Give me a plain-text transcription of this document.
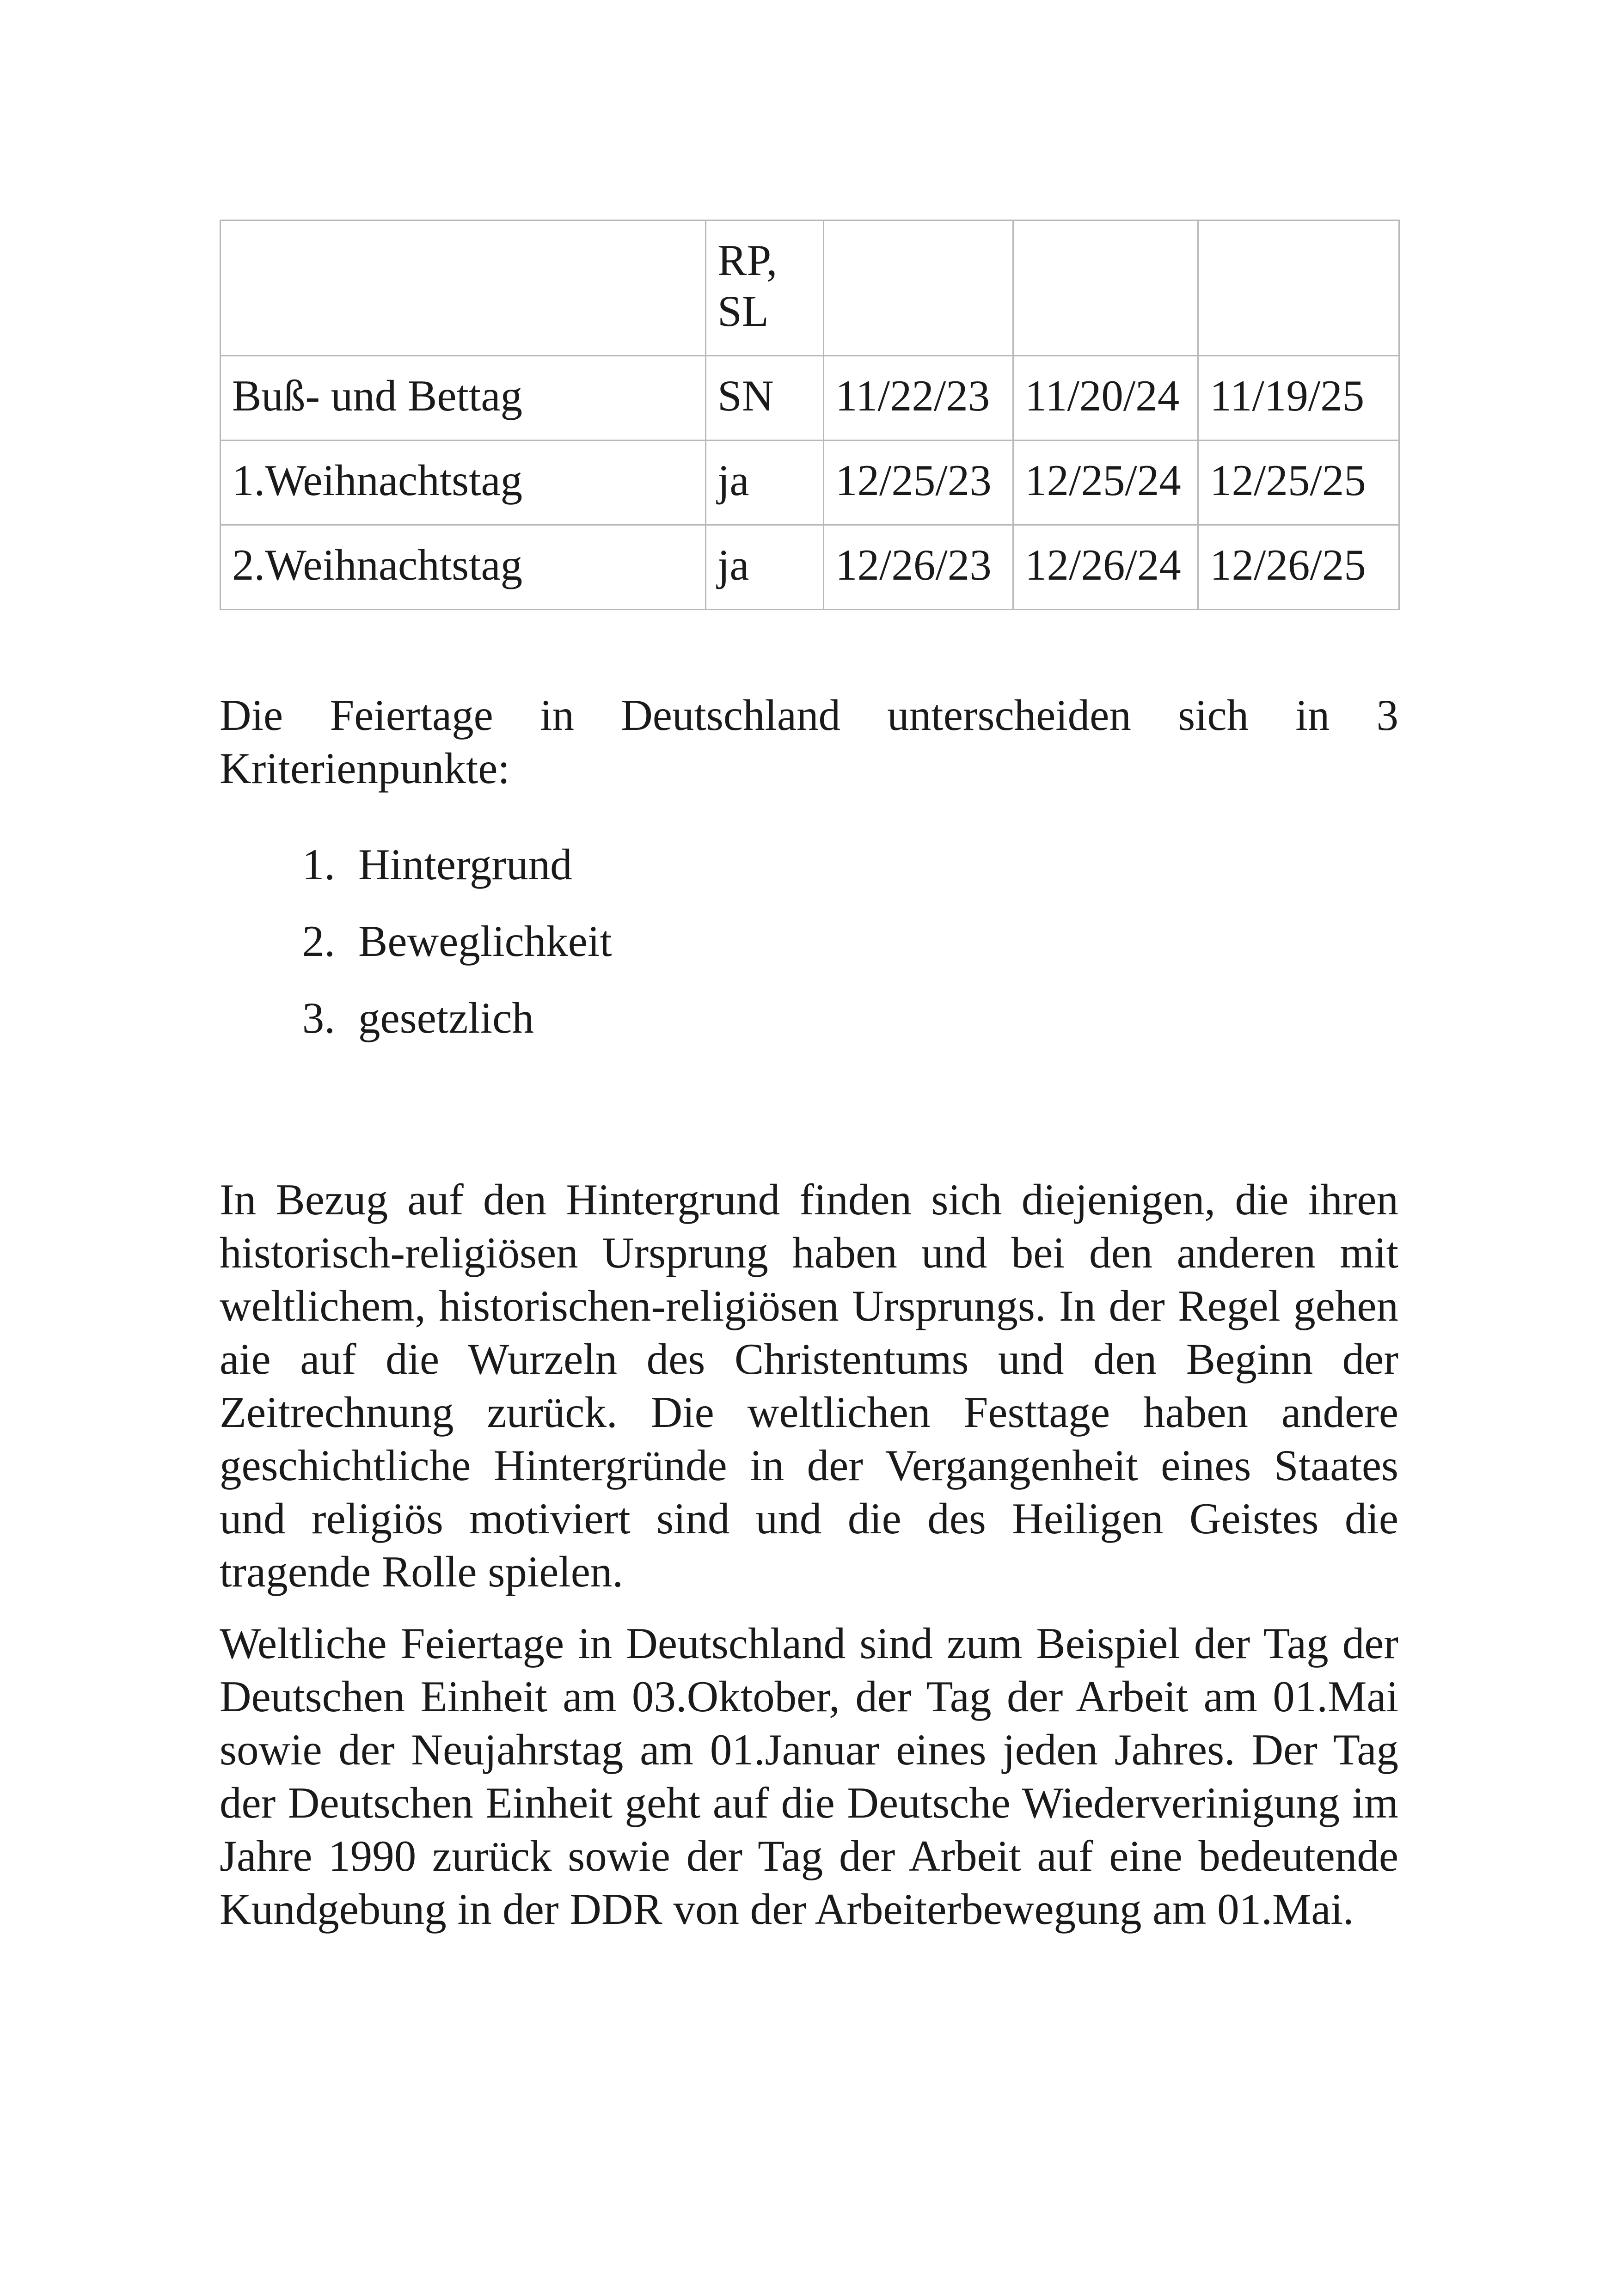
	RP, SL			
Buß- und Bettag	SN	11/22/23	11/20/24	11/19/25
1.Weihnachtstag	ja	12/25/23	12/25/24	12/25/25
2.Weihnachtstag	ja	12/26/23	12/26/24	12/26/25

Die Feiertage in Deutschland unterscheiden sich in 3 Kriterienpunkte:

1. Hintergrund
2. Beweglichkeit
3. gesetzlich

In Bezug auf den Hintergrund finden sich diejenigen, die ihren historisch-religiösen Ursprung haben und bei den anderen mit weltlichem, historischen-religiösen Ursprungs. In der Regel gehen aie auf die Wurzeln des Christentums und den Beginn der Zeitrechnung zurück. Die weltlichen Festtage haben andere geschichtliche Hintergründe in der Vergangenheit eines Staates und religiös motiviert sind und die des Heiligen Geistes die tragende Rolle spielen.

Weltliche Feiertage in Deutschland sind zum Beispiel der Tag der Deutschen Einheit am 03.Oktober, der Tag der Arbeit am 01.Mai sowie der Neujahrstag am 01.Januar eines jeden Jahres. Der Tag der Deutschen Einheit geht auf die Deutsche Wiederverinigung im Jahre 1990 zurück sowie der Tag der Arbeit auf eine bedeutende Kundgebung in der DDR von der Arbeiterbewegung am 01.Mai.
